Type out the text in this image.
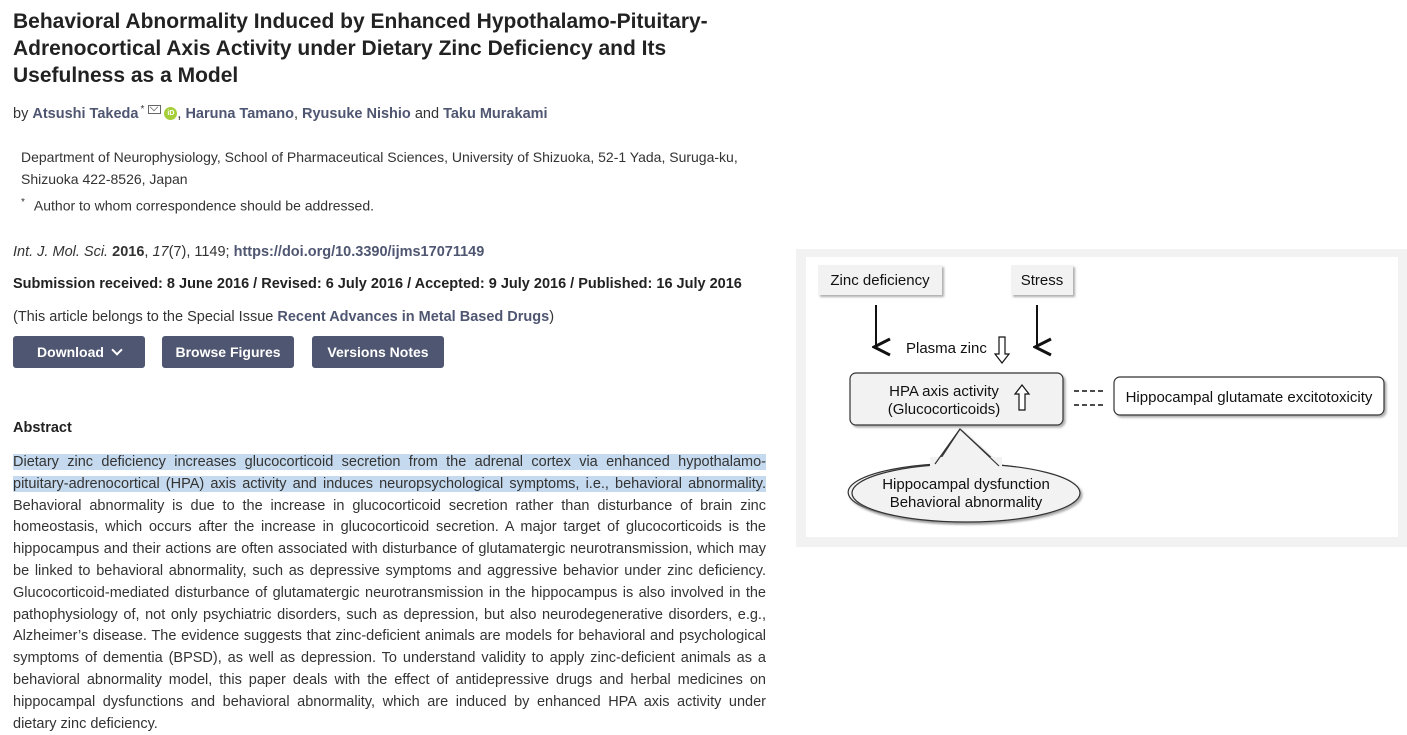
Behavioral Abnormality Induced by Enhanced Hypothalamo-Pituitary-Adrenocortical Axis Activity under Dietary Zinc Deficiency and Its Usefulness as a Model
by Atsushi Takeda *	iD , Haruna Tamano, Ryusuke Nishio and Taku Murakami
Department of Neurophysiology, School of Pharmaceutical Sciences, University of Shizuoka, 52-1 Yada, Suruga-ku, Shizuoka 422-8526, Japan
* Author to whom correspondence should be addressed.
Int. J. Mol. Sci. 2016, 17(7), 1149; https://doi.org/10.3390/ijms17071149
Submission received: 8 June 2016 / Revised: 6 July 2016 / Accepted: 9 July 2016 / Published: 16 July 2016
(This article belongs to the Special Issue Recent Advances in Metal Based Drugs)
Download	Browse Figures	Versions Notes
Abstract

Dietary zinc deficiency increases glucocorticoid secretion from the adrenal cortex via enhanced hypothalamo-pituitary-adrenocortical (HPA) axis activity and induces neuropsychological symptoms, i.e., behavioral abnormality. Behavioral abnormality is due to the increase in glucocorticoid secretion rather than disturbance of brain zinc homeostasis, which occurs after the increase in glucocorticoid secretion. A major target of glucocorticoids is the hippocampus and their actions are often associated with disturbance of glutamatergic neurotransmission, which may be linked to behavioral abnormality, such as depressive symptoms and aggressive behavior under zinc deficiency. Glucocorticoid-mediated disturbance of glutamatergic neurotransmission in the hippocampus is also involved in the pathophysiology of, not only psychiatric disorders, such as depression, but also neurodegenerative disorders, e.g., Alzheimer’s disease. The evidence suggests that zinc-deficient animals are models for behavioral and psychological symptoms of dementia (BPSD), as well as depression. To understand validity to apply zinc-deficient animals as a behavioral abnormality model, this paper deals with the effect of antidepressive drugs and herbal medicines on hippocampal dysfunctions and behavioral abnormality, which are induced by enhanced HPA axis activity under dietary zinc deficiency.

Zinc deficiency	Stress
Plasma zinc
HPA axis activity
(Glucocorticoids)
Hippocampal glutamate excitotoxicity
Hippocampal dysfunction
Behavioral abnormality
